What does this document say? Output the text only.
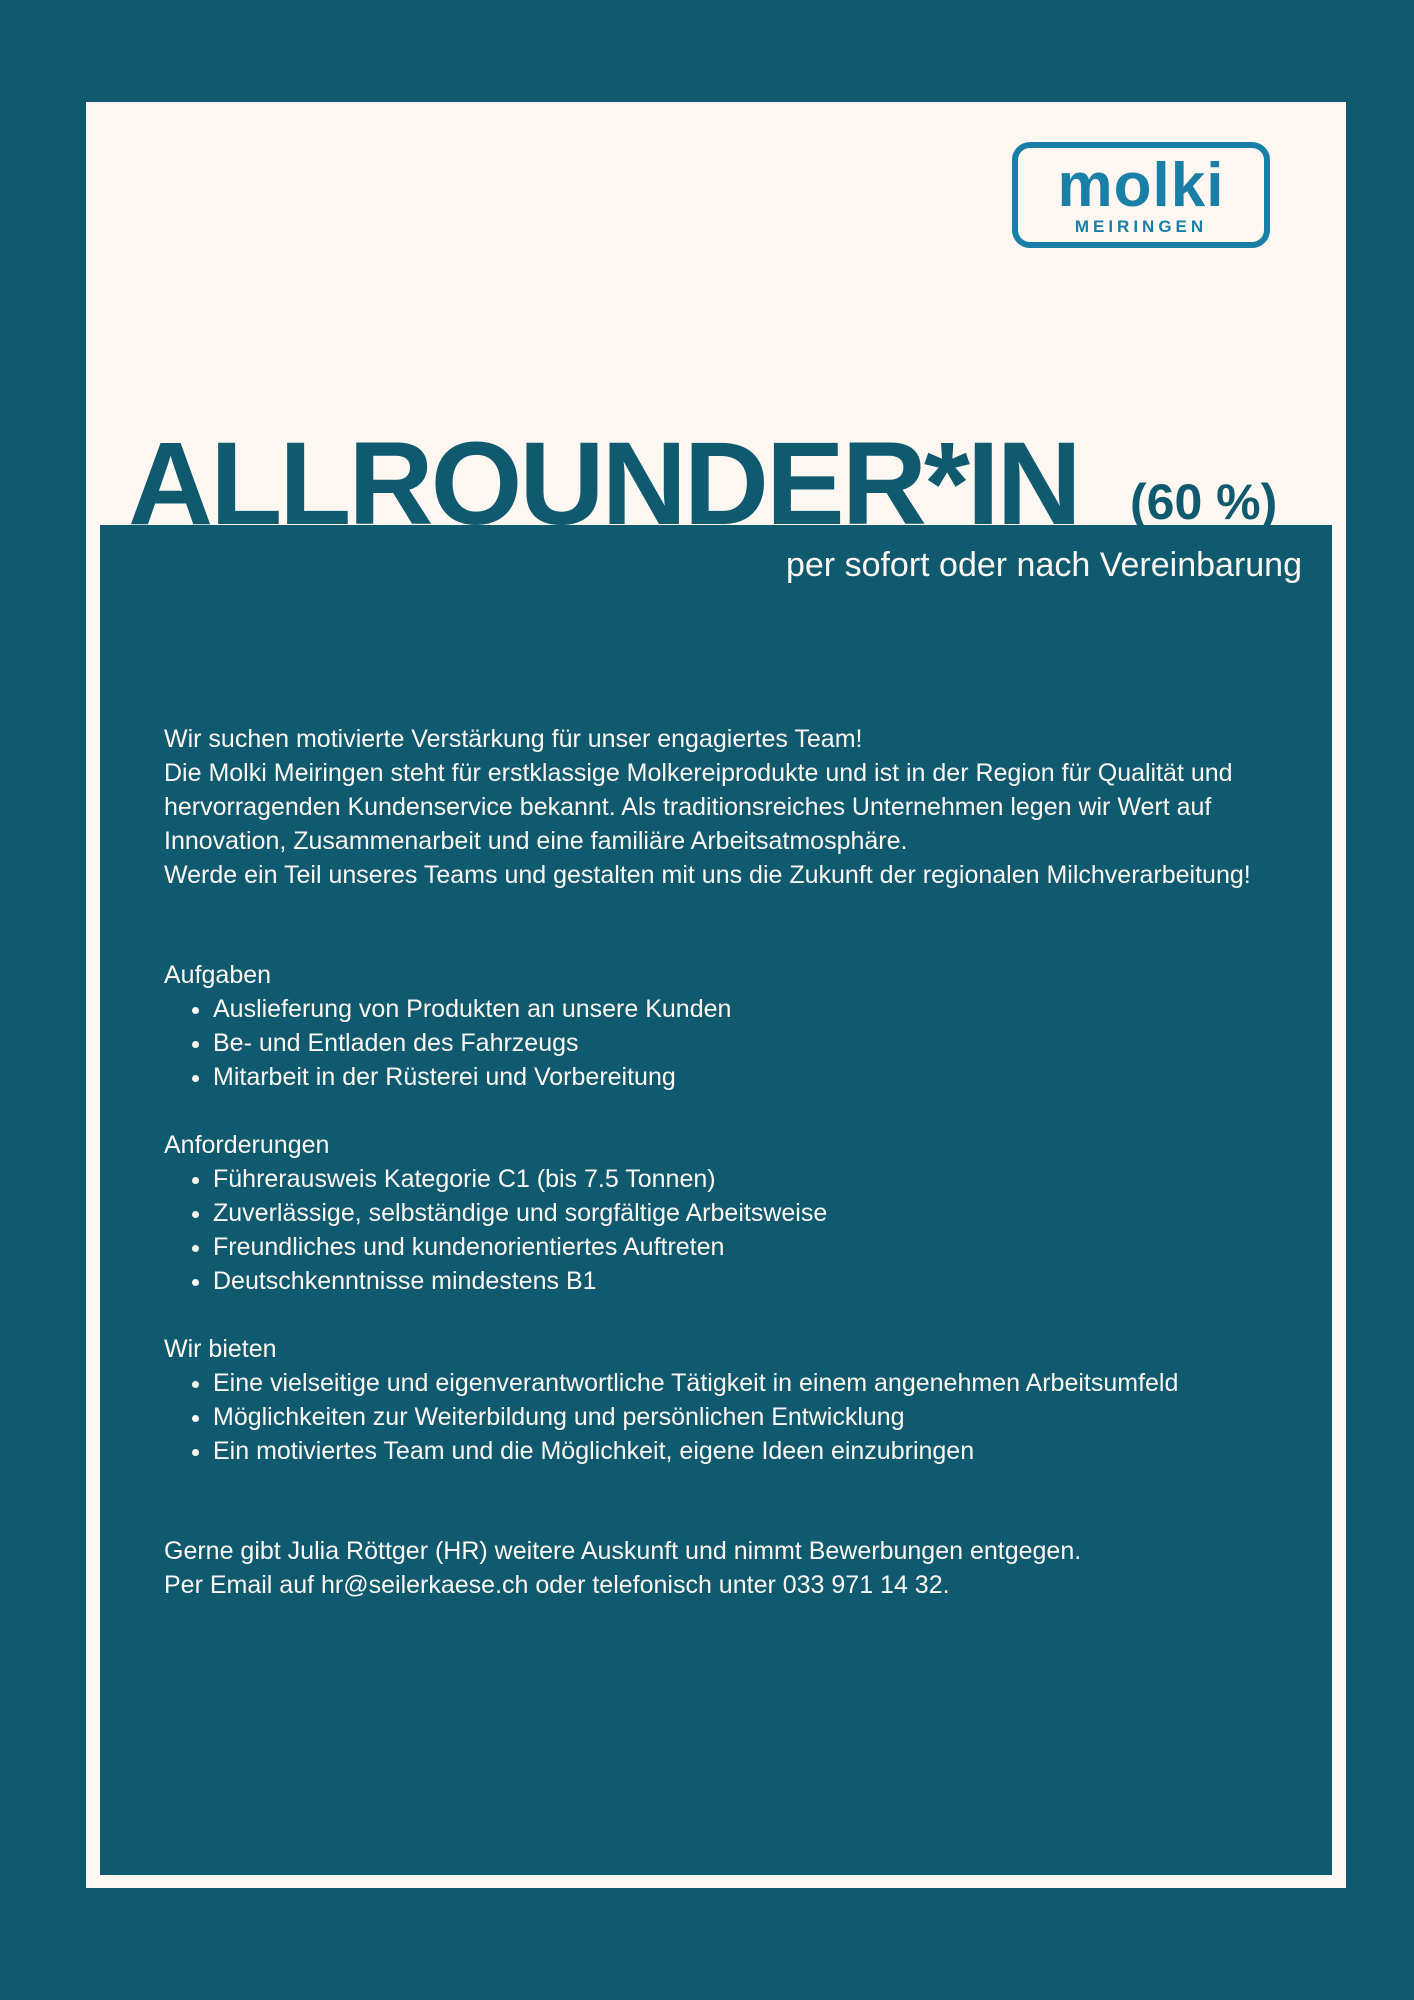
molki
MEIRINGEN
ALLROUNDER*IN (60 %)
per sofort oder nach Vereinbarung

Wir suchen motivierte Verstärkung für unser engagiertes Team!

Die Molki Meiringen steht für erstklassige Molkereiprodukte und ist in der Region für Qualität und hervorragenden Kundenservice bekannt. Als traditionsreiches Unternehmen legen wir Wert auf Innovation, Zusammenarbeit und eine familiäre Arbeitsatmosphäre.

Werde ein Teil unseres Teams und gestalten mit uns die Zukunft der regionalen Milchverarbeitung!

Aufgaben

• Auslieferung von Produkten an unsere Kunden
• Be- und Entladen des Fahrzeugs
• Mitarbeit in der Rüsterei und Vorbereitung

Anforderungen

• Führerausweis Kategorie C1 (bis 7.5 Tonnen)
• Zuverlässige, selbständige und sorgfältige Arbeitsweise
• Freundliches und kundenorientiertes Auftreten
• Deutschkenntnisse mindestens B1

Wir bieten

• Eine vielseitige und eigenverantwortliche Tätigkeit in einem angenehmen Arbeitsumfeld
• Möglichkeiten zur Weiterbildung und persönlichen Entwicklung
• Ein motiviertes Team und die Möglichkeit, eigene Ideen einzubringen

Gerne gibt Julia Röttger (HR) weitere Auskunft und nimmt Bewerbungen entgegen.

Per Email auf hr@seilerkaese.ch oder telefonisch unter 033 971 14 32.
